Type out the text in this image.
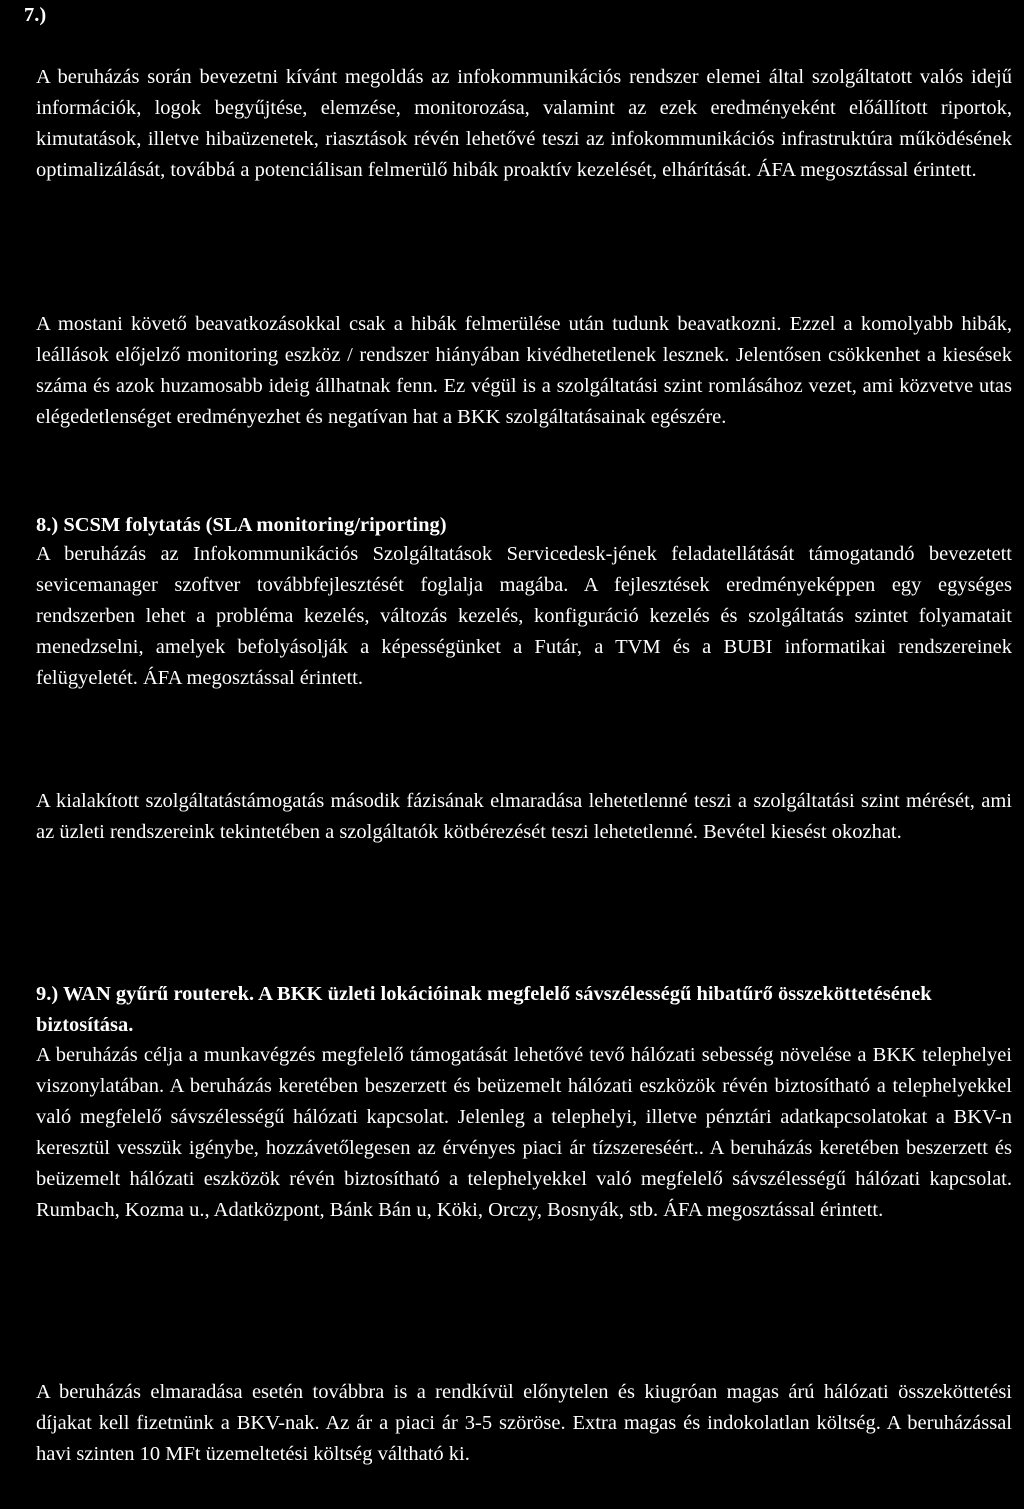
7.)

A beruházás során bevezetni kívánt megoldás az infokommunikációs rendszer elemei által szolgáltatott valós idejű információk, logok begyűjtése, elemzése, monitorozása, valamint az ezek eredményeként előállított riportok, kimutatások, illetve hibaüzenetek, riasztások révén lehetővé teszi az infokommunikációs infrastruktúra működésének optimalizálását, továbbá a potenciálisan felmerülő hibák proaktív kezelését, elhárítását. ÁFA megosztással érintett.

A mostani követő beavatkozásokkal csak a hibák felmerülése után tudunk beavatkozni. Ezzel a komolyabb hibák, leállások előjelző monitoring eszköz / rendszer hiányában kivédhetetlenek lesznek. Jelentősen csökkenhet a kiesések száma és azok huzamosabb ideig állhatnak fenn. Ez végül is a szolgáltatási szint romlásához vezet, ami közvetve utas elégedetlenséget eredményezhet és negatívan hat a BKK szolgáltatásainak egészére.

8.) SCSM folytatás (SLA monitoring/riporting)

A beruházás az Infokommunikációs Szolgáltatások Servicedesk-jének feladatellátását támogatandó bevezetett sevicemanager szoftver továbbfejlesztését foglalja magába. A fejlesztések eredményeképpen egy egységes rendszerben lehet a probléma kezelés, változás kezelés, konfiguráció kezelés és szolgáltatás szintet folyamatait menedzselni, amelyek befolyásolják a képességünket a Futár, a TVM és a BUBI informatikai rendszereinek felügyeletét. ÁFA megosztással érintett.

A kialakított szolgáltatástámogatás második fázisának elmaradása lehetetlenné teszi a szolgáltatási szint mérését, ami az üzleti rendszereink tekintetében a szolgáltatók kötbérezését teszi lehetetlenné. Bevétel kiesést okozhat.

9.) WAN gyűrű routerek. A BKK üzleti lokációinak megfelelő sávszélességű hibatűrő összeköttetésének biztosítása.

A beruházás célja a munkavégzés megfelelő támogatását lehetővé tevő hálózati sebesség növelése a BKK telephelyei viszonylatában. A beruházás keretében beszerzett és beüzemelt hálózati eszközök révén biztosítható a telephelyekkel való megfelelő sávszélességű hálózati kapcsolat. Jelenleg a telephelyi, illetve pénztári adatkapcsolatokat a BKV-n keresztül vesszük igénybe, hozzávetőlegesen az érvényes piaci ár tízszereséért.. A beruházás keretében beszerzett és beüzemelt hálózati eszközök révén biztosítható a telephelyekkel való megfelelő sávszélességű hálózati kapcsolat. Rumbach, Kozma u., Adatközpont, Bánk Bán u, Köki, Orczy, Bosnyák, stb. ÁFA megosztással érintett.

A beruházás elmaradása esetén továbbra is a rendkívül előnytelen és kiugróan magas árú hálózati összeköttetési díjakat kell fizetnünk a BKV-nak. Az ár a piaci ár 3-5 szöröse. Extra magas és indokolatlan költség. A beruházással havi szinten 10 MFt üzemeltetési költség váltható ki.
